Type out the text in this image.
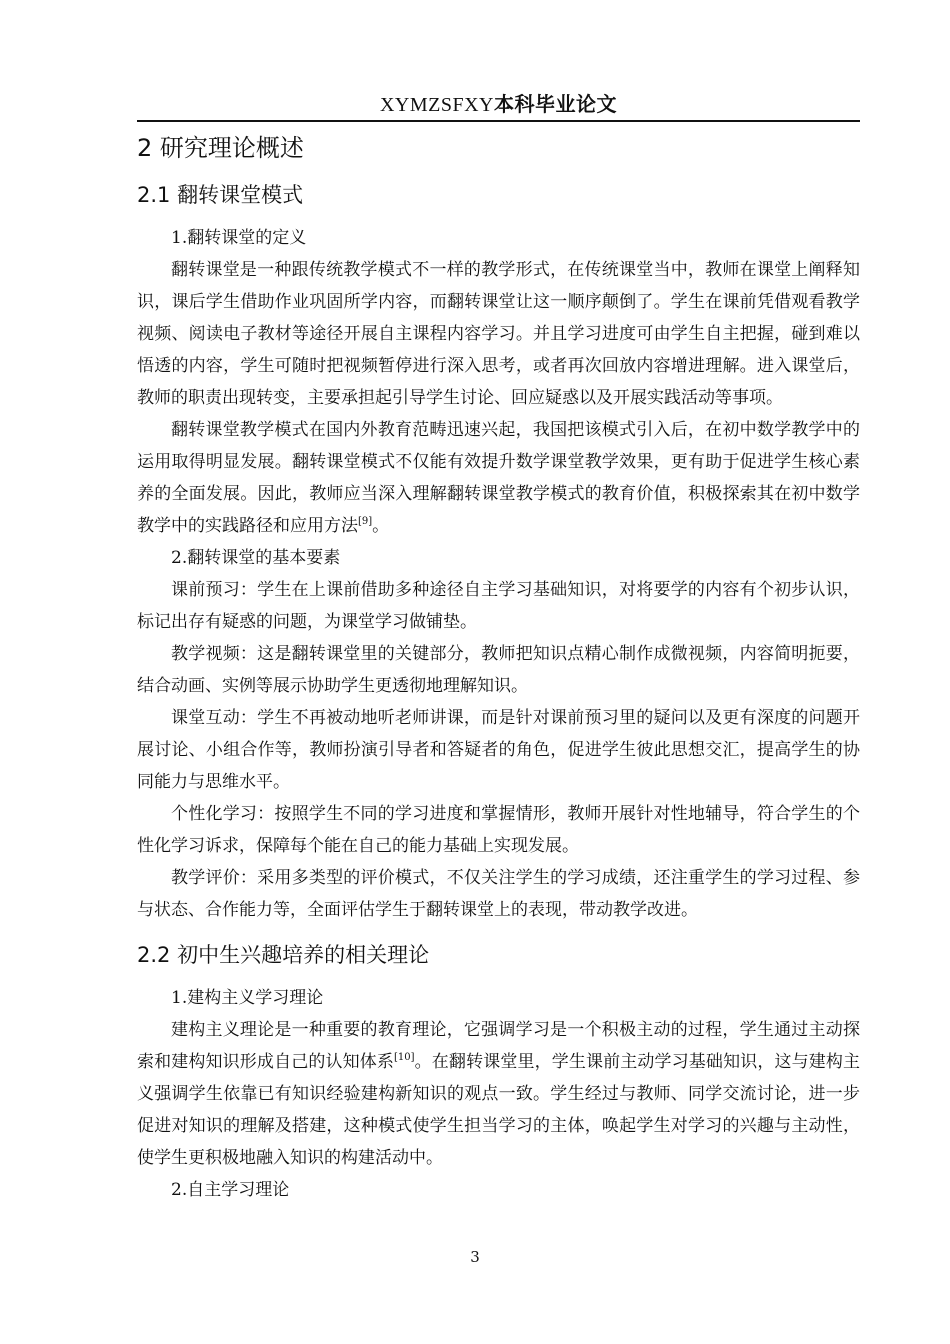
XYMZSFXY本科毕业论文
2 研究理论概述
2.1 翻转课堂模式

1.翻转课堂的定义

翻转课堂是一种跟传统教学模式不一样的教学形式，在传统课堂当中，教师在课堂上阐释知识，课后学生借助作业巩固所学内容，而翻转课堂让这一顺序颠倒了。学生在课前凭借观看教学视频、阅读电子教材等途径开展自主课程内容学习。并且学习进度可由学生自主把握，碰到难以悟透的内容，学生可随时把视频暂停进行深入思考，或者再次回放内容增进理解。进入课堂后，教师的职责出现转变，主要承担起引导学生讨论、回应疑惑以及开展实践活动等事项。

翻转课堂教学模式在国内外教育范畴迅速兴起，我国把该模式引入后，在初中数学教学中的运用取得明显发展。翻转课堂模式不仅能有效提升数学课堂教学效果，更有助于促进学生核心素养的全面发展。因此，教师应当深入理解翻转课堂教学模式的教育价值，积极探索其在初中数学教学中的实践路径和应用方法[9]。

2.翻转课堂的基本要素

课前预习：学生在上课前借助多种途径自主学习基础知识，对将要学的内容有个初步认识，标记出存有疑惑的问题，为课堂学习做铺垫。

教学视频：这是翻转课堂里的关键部分，教师把知识点精心制作成微视频，内容简明扼要，结合动画、实例等展示协助学生更透彻地理解知识。

课堂互动：学生不再被动地听老师讲课，而是针对课前预习里的疑问以及更有深度的问题开展讨论、小组合作等，教师扮演引导者和答疑者的角色，促进学生彼此思想交汇，提高学生的协同能力与思维水平。

个性化学习：按照学生不同的学习进度和掌握情形，教师开展针对性地辅导，符合学生的个性化学习诉求，保障每个能在自己的能力基础上实现发展。

教学评价：采用多类型的评价模式，不仅关注学生的学习成绩，还注重学生的学习过程、参与状态、合作能力等，全面评估学生于翻转课堂上的表现，带动教学改进。

2.2 初中生兴趣培养的相关理论

1.建构主义学习理论

建构主义理论是一种重要的教育理论，它强调学习是一个积极主动的过程，学生通过主动探索和建构知识形成自己的认知体系[10]。在翻转课堂里，学生课前主动学习基础知识，这与建构主义强调学生依靠已有知识经验建构新知识的观点一致。学生经过与教师、同学交流讨论，进一步促进对知识的理解及搭建，这种模式使学生担当学习的主体，唤起学生对学习的兴趣与主动性，使学生更积极地融入知识的构建活动中。

2.自主学习理论

3
